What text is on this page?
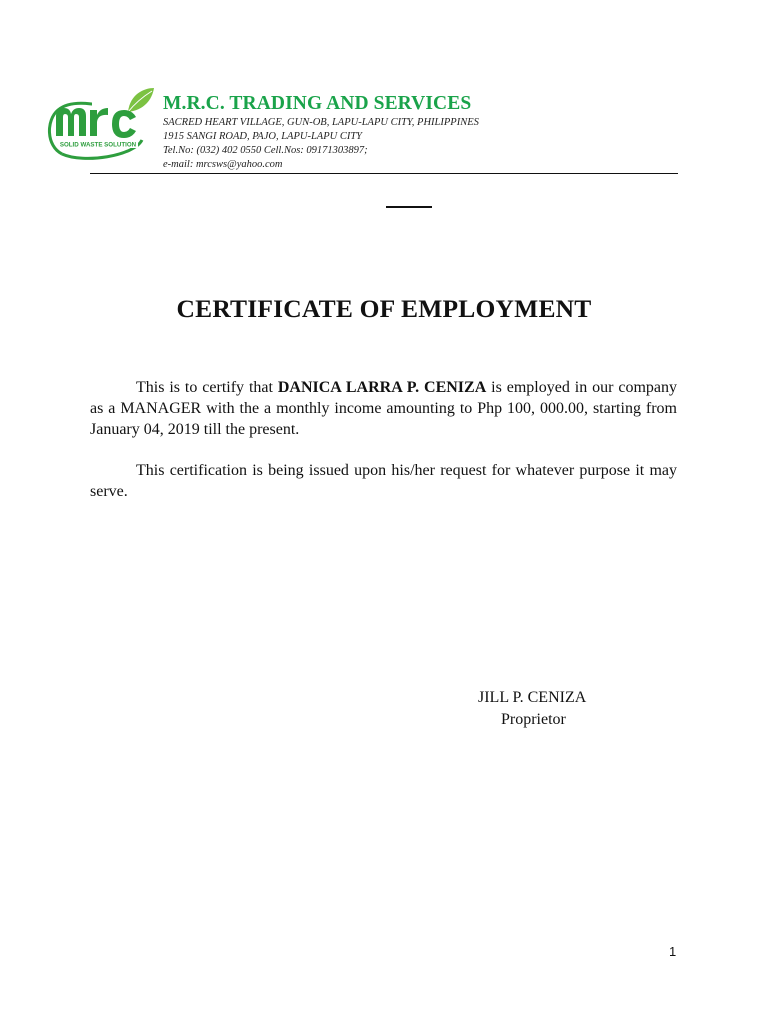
SOLID WASTE SOLUTION
M.R.C. TRADING AND SERVICES
SACRED HEART VILLAGE, GUN-OB, LAPU-LAPU CITY, PHILIPPINES
1915 SANGI ROAD, PAJO, LAPU-LAPU CITY
Tel.No: (032) 402 0550 Cell.Nos: 09171303897;
e-mail: mrcsws@yahoo.com
CERTIFICATE OF EMPLOYMENT

This is to certify that DANICA LARRA P. CENIZA is employed in our company as a MANAGER with the a monthly income amounting to Php 100, 000.00, starting from January 04, 2019 till the present.

This certification is being issued upon his/her request for whatever purpose it may serve.

JILL P. CENIZA
Proprietor
1
